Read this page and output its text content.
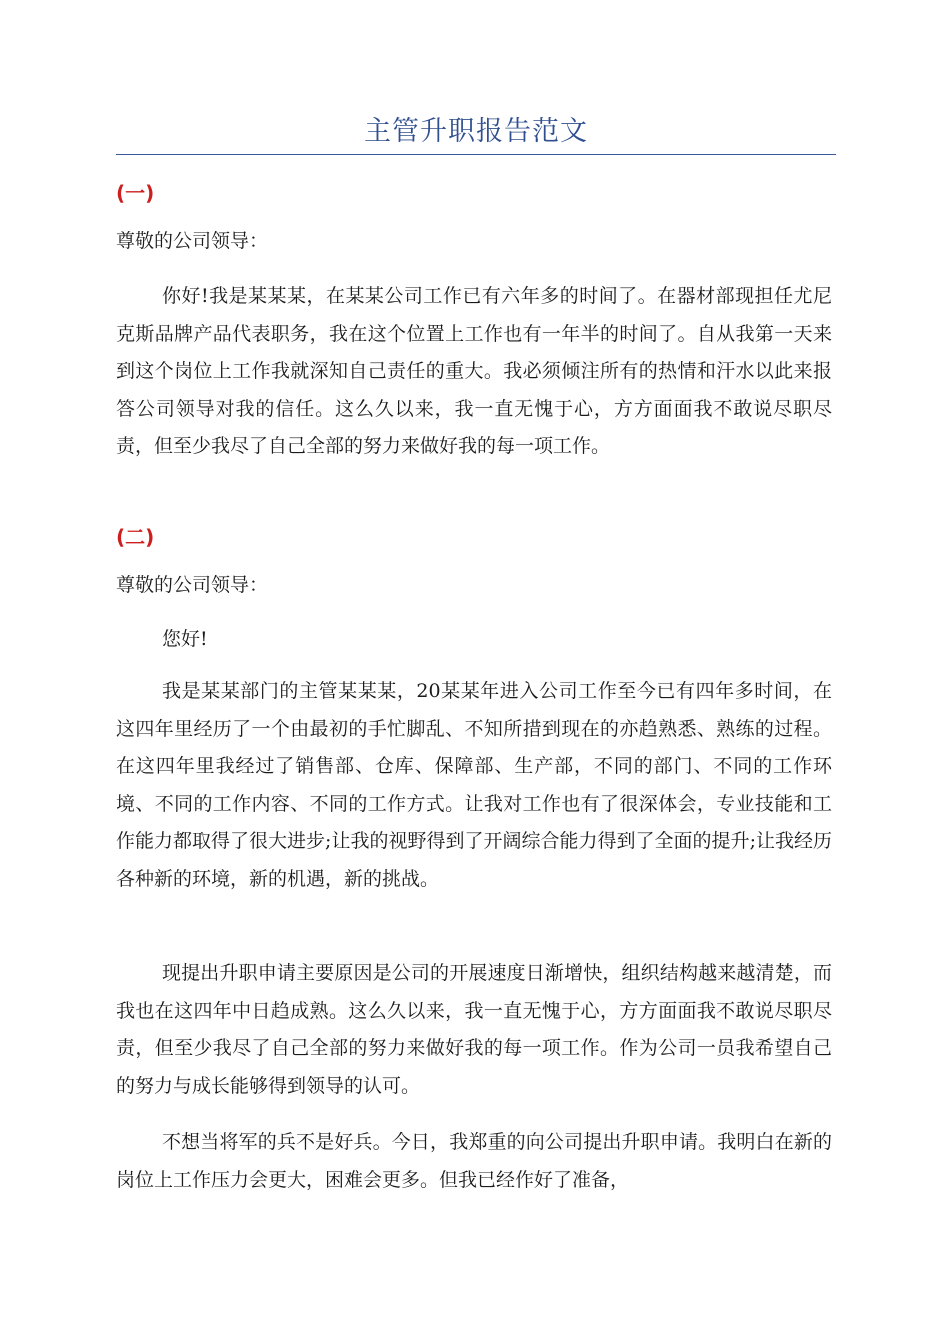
主管升职报告范文
(一)
尊敬的公司领导：

你好!我是某某某，在某某公司工作已有六年多的时间了。在器材部现担任尤尼克斯品牌产品代表职务，我在这个位置上工作也有一年半的时间了。自从我第一天来到这个岗位上工作我就深知自己责任的重大。我必须倾注所有的热情和汗水以此来报答公司领导对我的信任。这么久以来，我一直无愧于心，方方面面我不敢说尽职尽责，但至少我尽了自己全部的努力来做好我的每一项工作。

(二)
尊敬的公司领导：

您好!

我是某某部门的主管某某某，20某某年进入公司工作至今已有四年多时间，在这四年里经历了一个由最初的手忙脚乱、不知所措到现在的亦趋熟悉、熟练的过程。在这四年里我经过了销售部、仓库、保障部、生产部，不同的部门、不同的工作环境、不同的工作内容、不同的工作方式。让我对工作也有了很深体会，专业技能和工作能力都取得了很大进步;让我的视野得到了开阔综合能力得到了全面的提升;让我经历各种新的环境，新的机遇，新的挑战。

现提出升职申请主要原因是公司的开展速度日渐增快，组织结构越来越清楚，而我也在这四年中日趋成熟。这么久以来，我一直无愧于心，方方面面我不敢说尽职尽责，但至少我尽了自己全部的努力来做好我的每一项工作。作为公司一员我希望自己的努力与成长能够得到领导的认可。

不想当将军的兵不是好兵。今日，我郑重的向公司提出升职申请。我明白在新的岗位上工作压力会更大，困难会更多。但我已经作好了准备，
